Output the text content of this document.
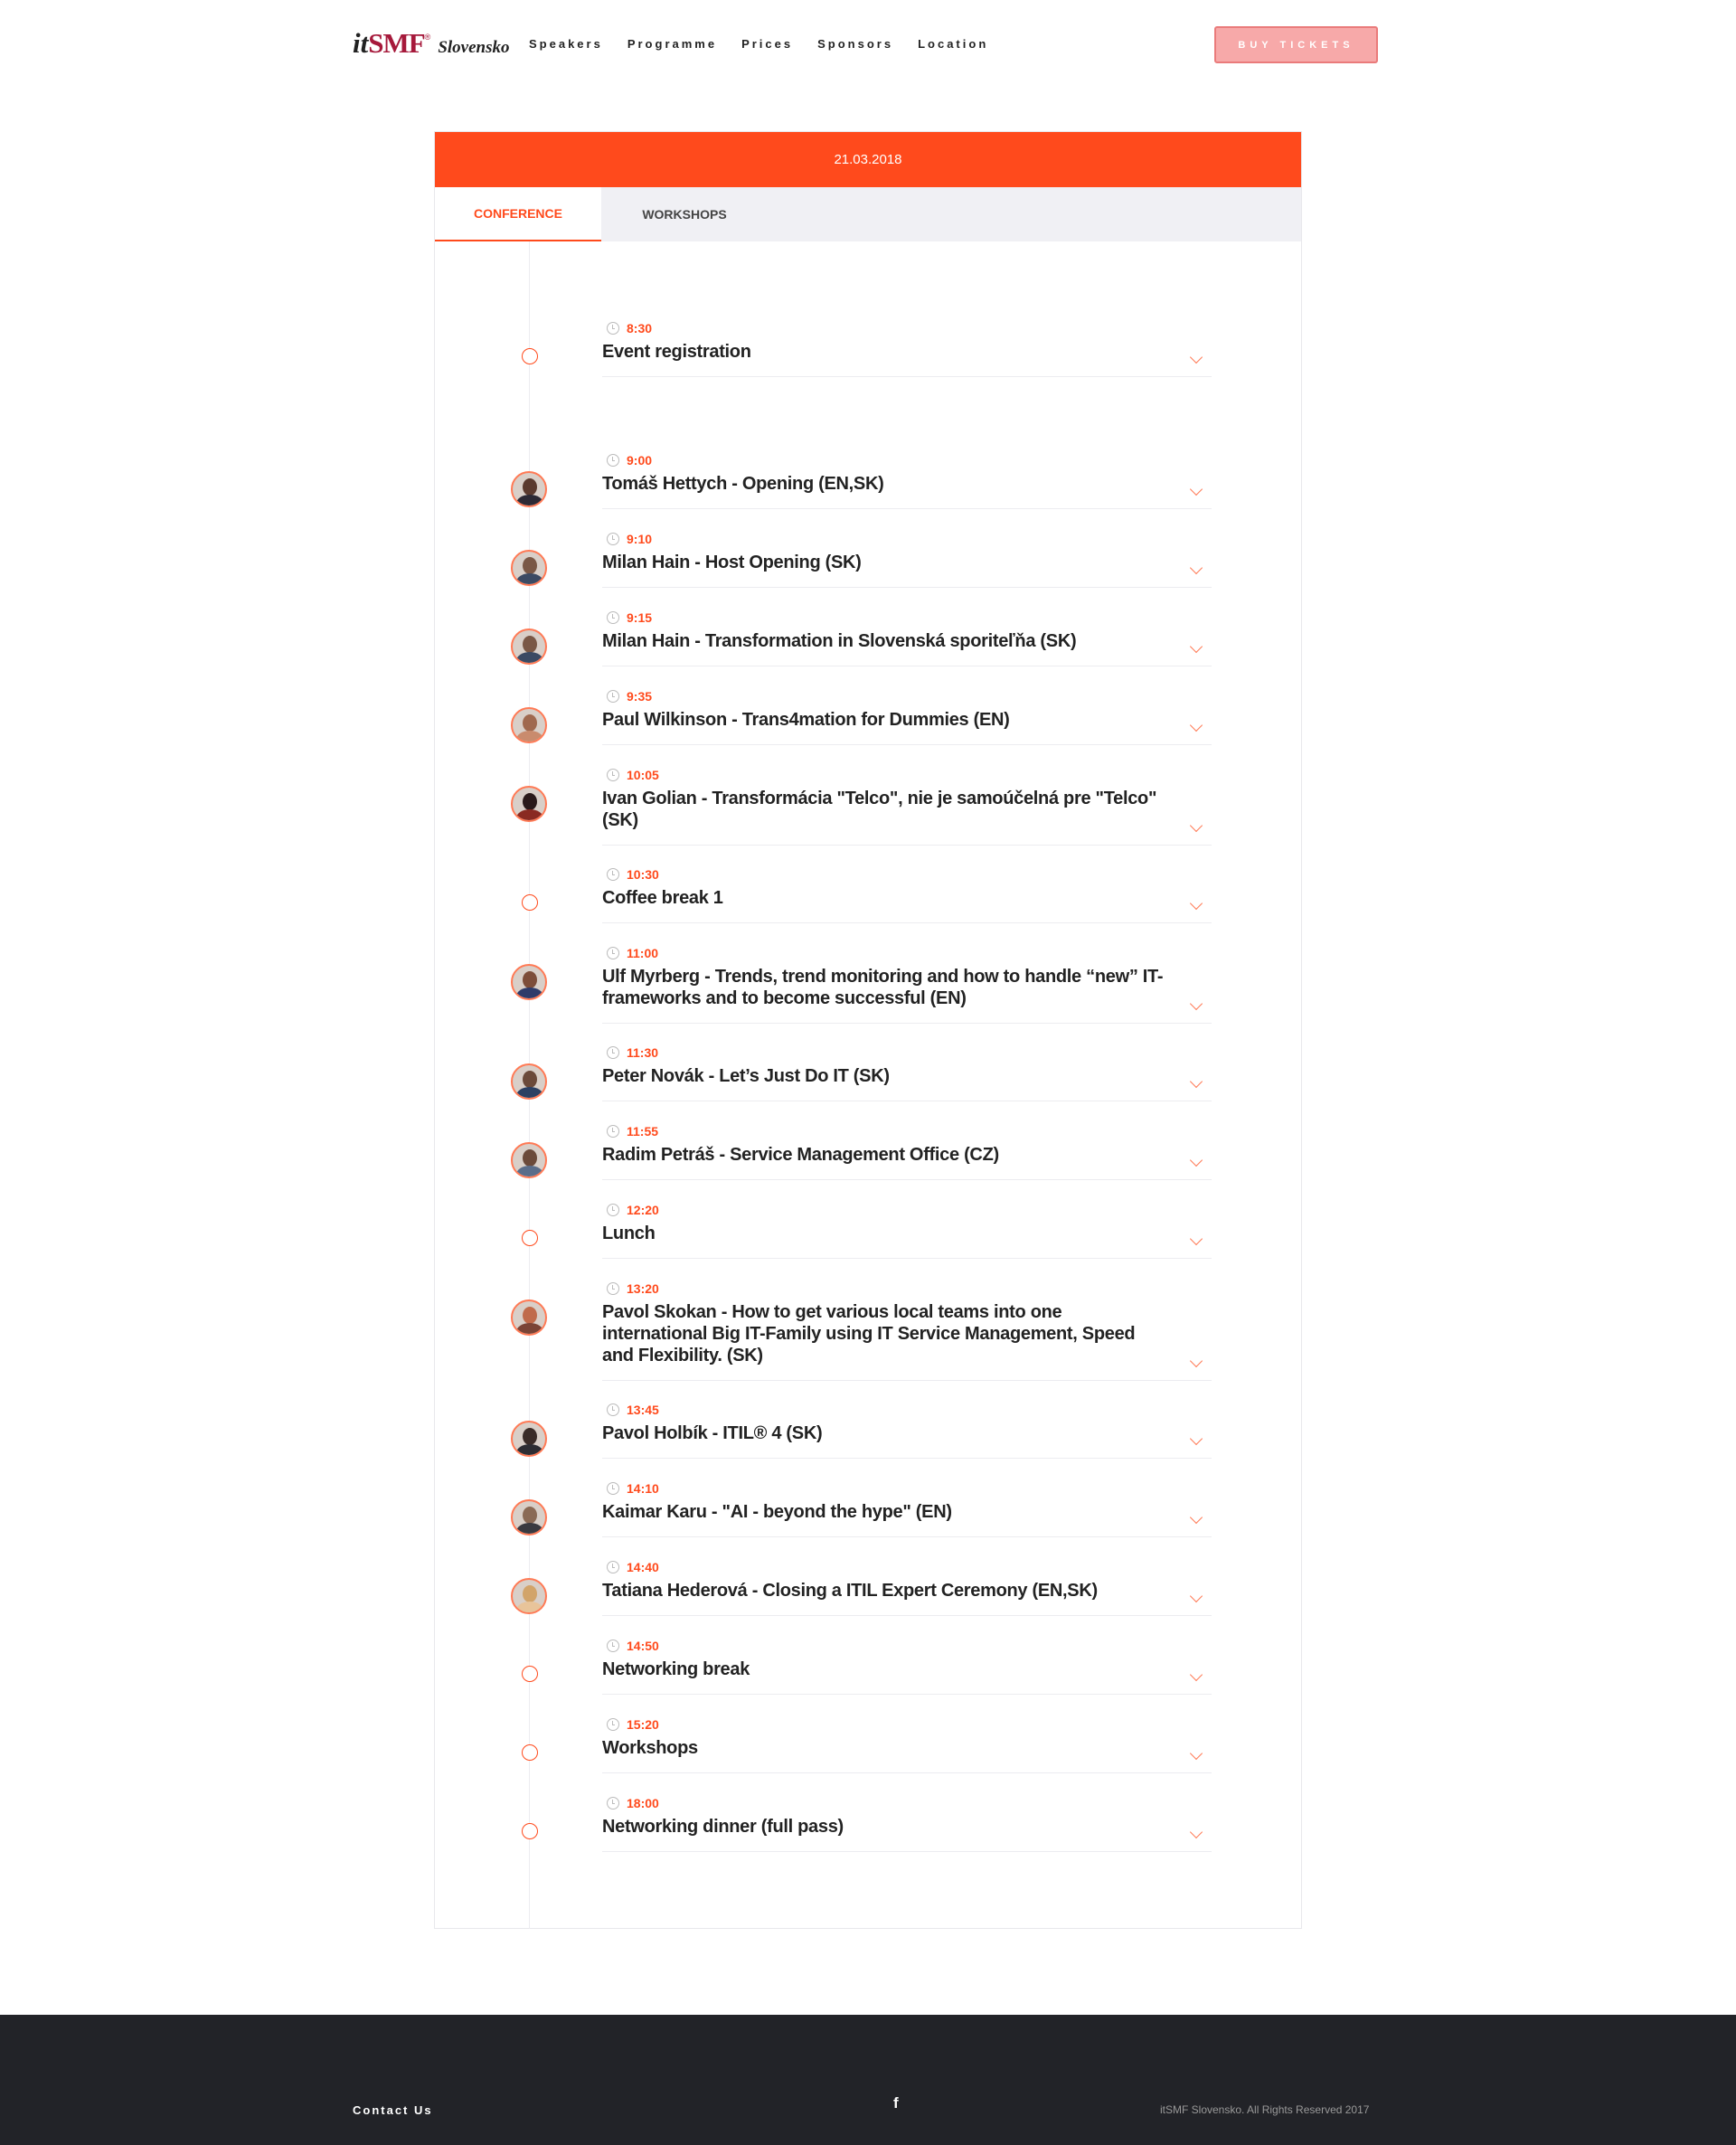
it SMF ®
Slovensko Speakers Programme Prices Sponsors Location	BUY TICKETS
21.03.2018
CONFERENCE	WORKSHOPS
8:30
Event registration
9:00
Tomáš Hettych - Opening (EN,SK)
9:10
Milan Hain - Host Opening (SK)
9:15
Milan Hain - Transformation in Slovenská sporiteľňa (SK)
9:35
Paul Wilkinson - Trans4mation for Dummies (EN)
10:05
Ivan Golian - Transformácia "Telco", nie je samoúčelná pre "Telco" (SK)
10:30
Coffee break 1
11:00
Ulf Myrberg - Trends, trend monitoring and how to handle “new” IT-frameworks and to become successful (EN)
11:30
Peter Novák - Let’s Just Do IT (SK)
11:55
Radim Petráš - Service Management Office (CZ)
12:20
Lunch
13:20
Pavol Skokan - How to get various local teams into one international Big IT-Family using IT Service Management, Speed and Flexibility. (SK)
13:45
Pavol Holbík - ITIL® 4 (SK)
14:10
Kaimar Karu - "AI - beyond the hype" (EN)
14:40
Tatiana Hederová - Closing a ITIL Expert Ceremony (EN,SK)
14:50
Networking break
15:20
Workshops
18:00
Networking dinner (full pass)
Contact Us	f	itSMF Slovensko. All Rights Reserved 2017
